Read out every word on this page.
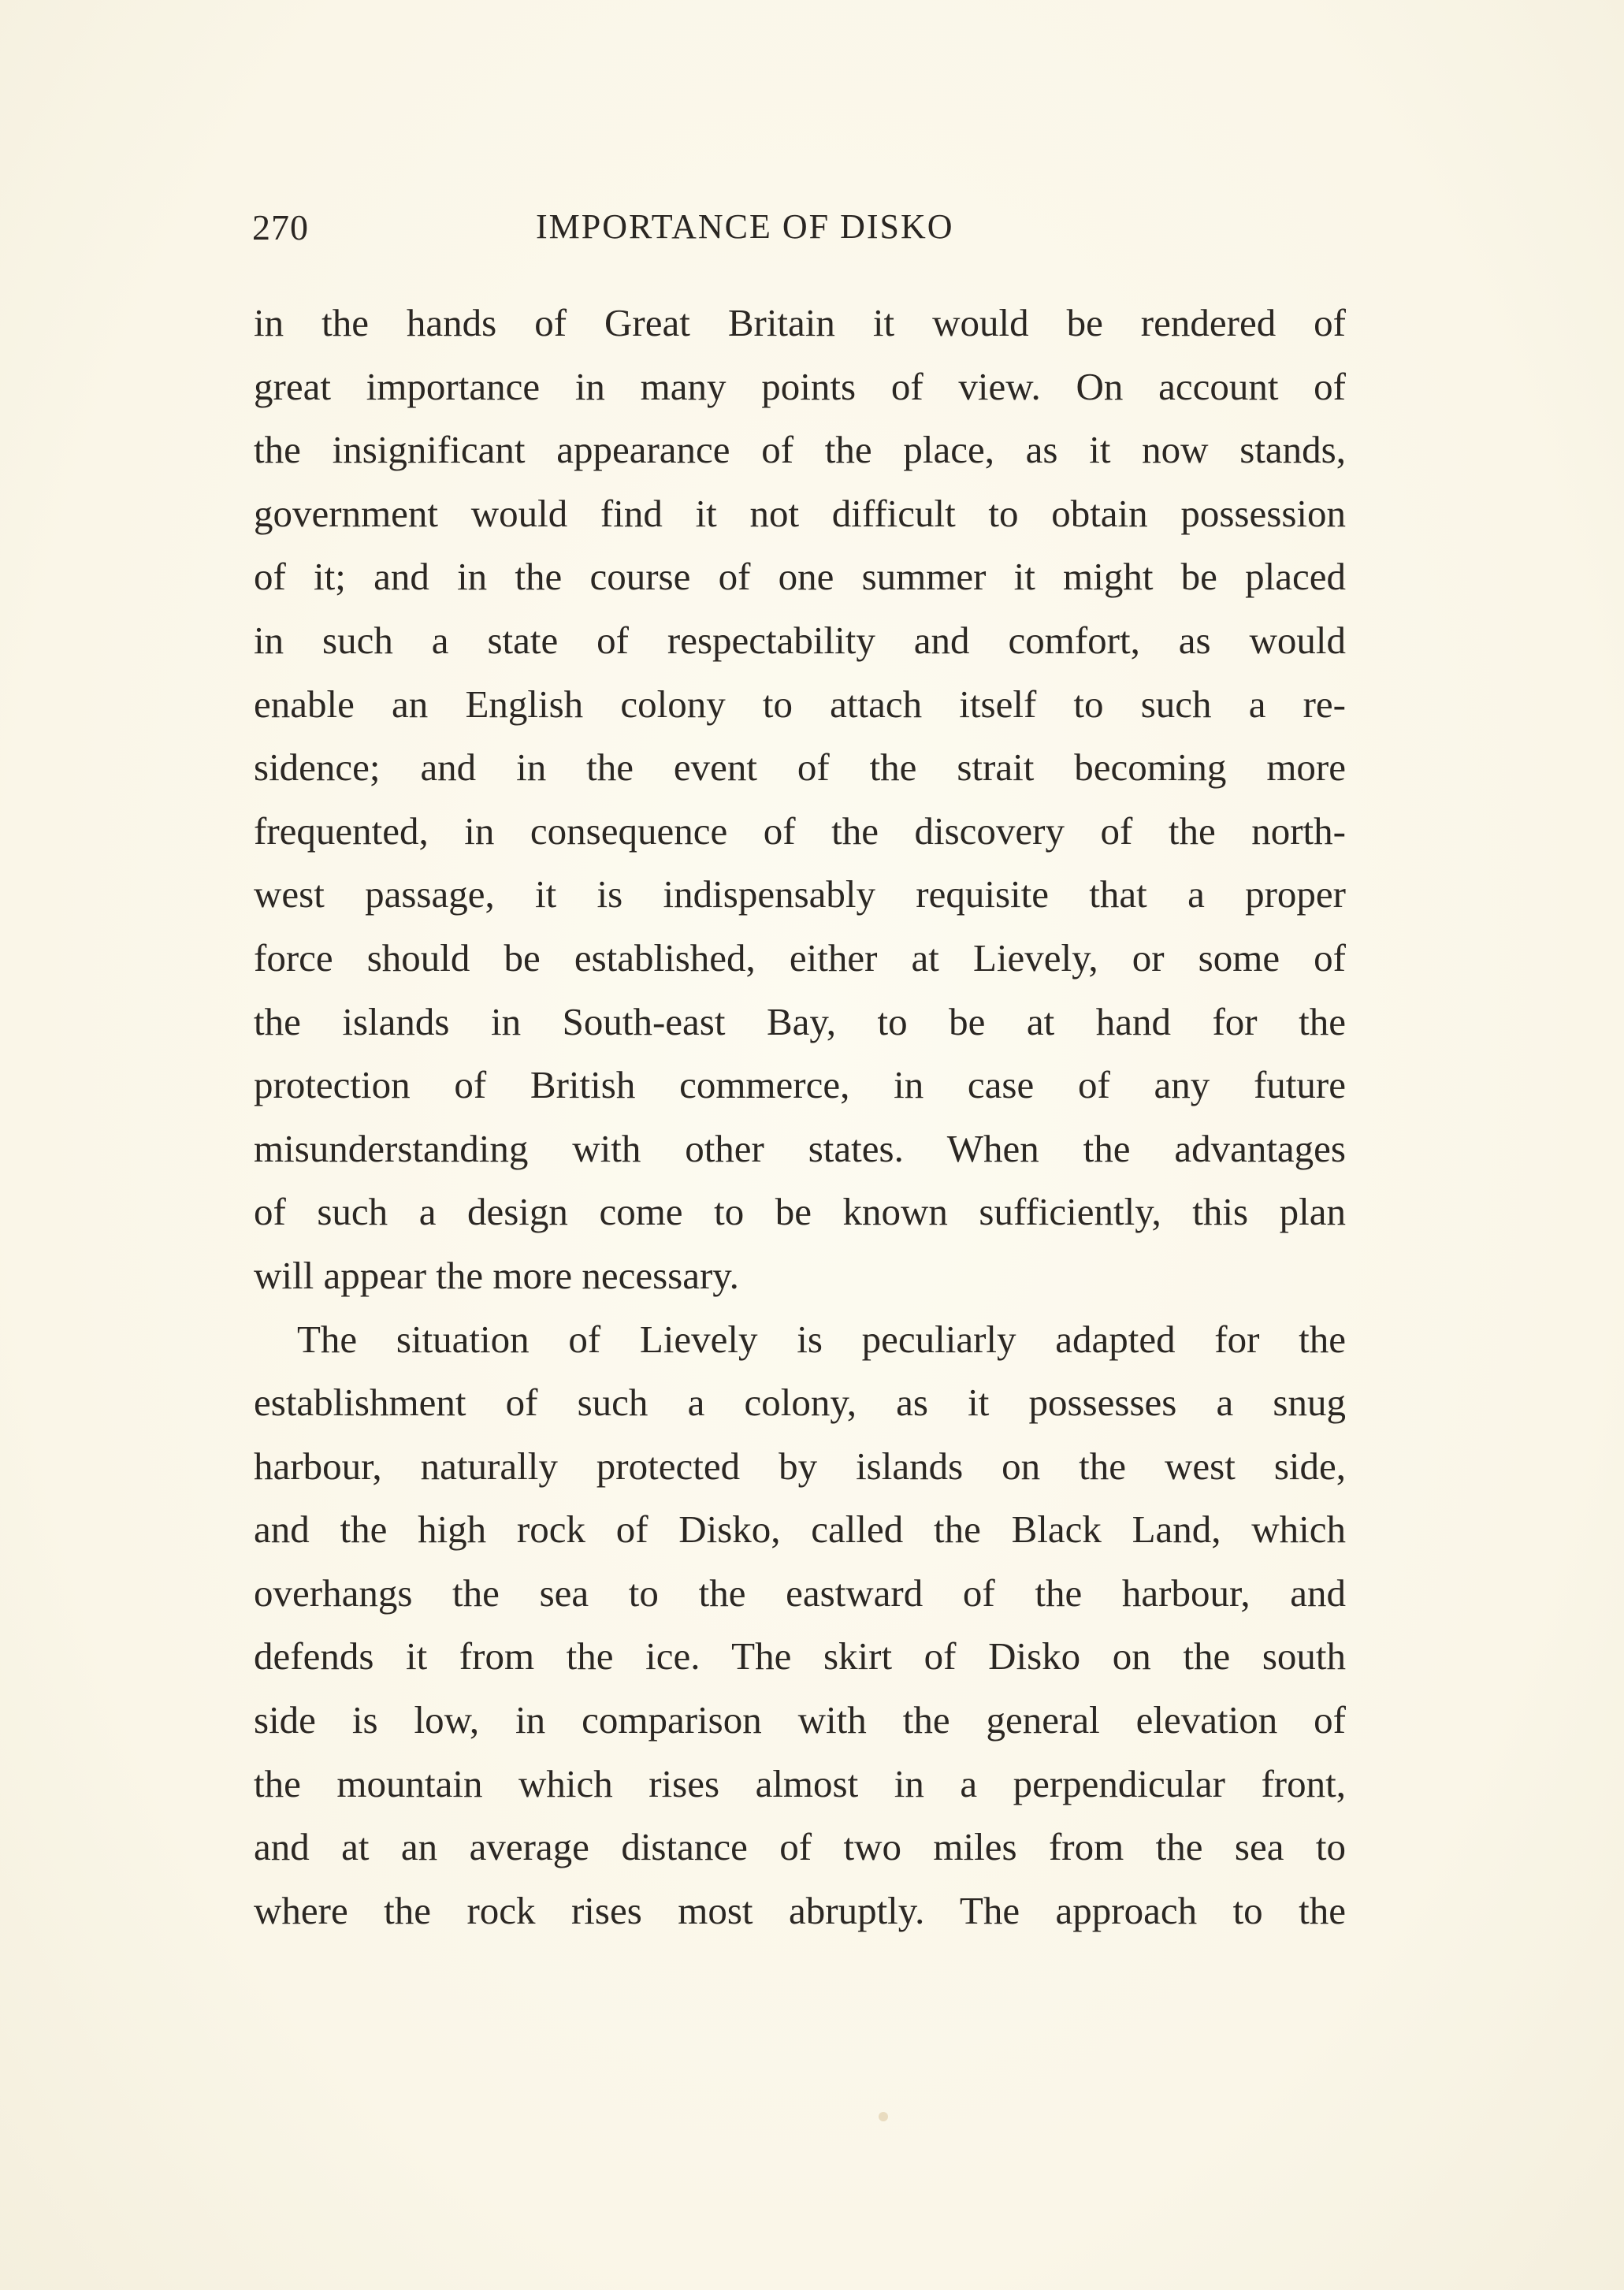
270	IMPORTANCE OF DISKO
in the hands of Great Britain it would be rendered of
great importance in many points of view. On account of
the insignificant appearance of the place, as it now stands,
government would find it not difficult to obtain possession
of it; and in the course of one summer it might be placed
in such a state of respectability and comfort, as would
enable an English colony to attach itself to such a re-
sidence; and in the event of the strait becoming more
frequented, in consequence of the discovery of the north-
west passage, it is indispensably requisite that a proper
force should be established, either at Lievely, or some of
the islands in South-east Bay, to be at hand for the
protection of British commerce, in case of any future
misunderstanding with other states. When the advantages
of such a design come to be known sufficiently, this plan
will appear the more necessary.
The situation of Lievely is peculiarly adapted for the
establishment of such a colony, as it possesses a snug
harbour, naturally protected by islands on the west side,
and the high rock of Disko, called the Black Land, which
overhangs the sea to the eastward of the harbour, and
defends it from the ice. The skirt of Disko on the south
side is low, in comparison with the general elevation of
the mountain which rises almost in a perpendicular front,
and at an average distance of two miles from the sea to
where the rock rises most abruptly. The approach to the
